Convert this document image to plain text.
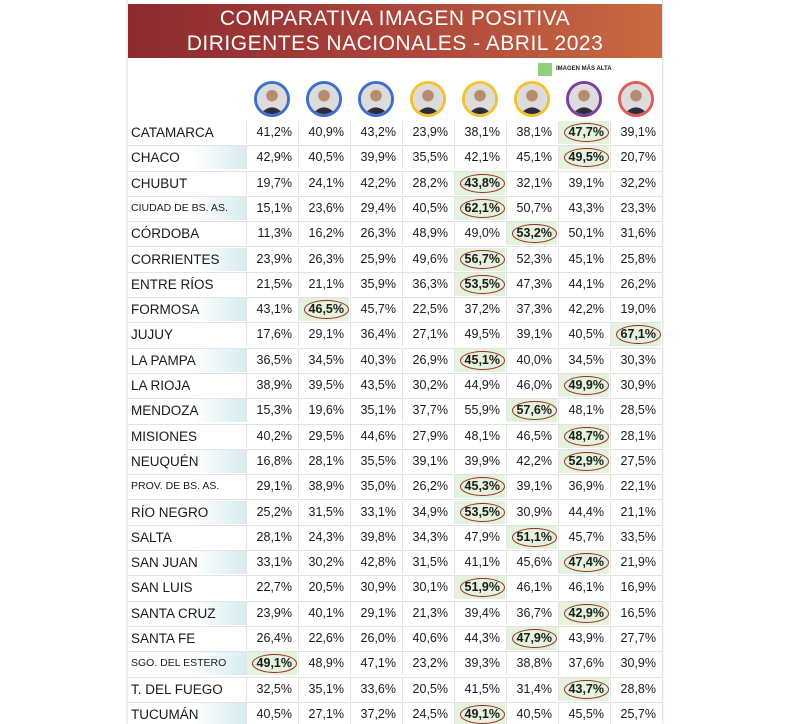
COMPARATIVA IMAGEN POSITIVA
DIRIGENTES NACIONALES - ABRIL 2023
IMAGEN MÁS ALTA
CATAMARCA	41,2%	40,9%	43,2%	23,9%	38,1%	38,1%	47,7%	39,1%
CHACO	42,9%	40,5%	39,9%	35,5%	42,1%	45,1%	49,5%	20,7%
CHUBUT	19,7%	24,1%	42,2%	28,2%	43,8%	32,1%	39,1%	32,2%
CIUDAD DE BS. AS.	15,1%	23,6%	29,4%	40,5%	62,1%	50,7%	43,3%	23,3%
CÓRDOBA	11,3%	16,2%	26,3%	48,9%	49,0%	53,2%	50,1%	31,6%
CORRIENTES	23,9%	26,3%	25,9%	49,6%	56,7%	52,3%	45,1%	25,8%
ENTRE RÍOS	21,5%	21,1%	35,9%	36,3%	53,5%	47,3%	44,1%	26,2%
FORMOSA	43,1%	46,5%	45,7%	22,5%	37,2%	37,3%	42,2%	19,0%
JUJUY	17,6%	29,1%	36,4%	27,1%	49,5%	39,1%	40,5%	67,1%
LA PAMPA	36,5%	34,5%	40,3%	26,9%	45,1%	40,0%	34,5%	30,3%
LA RIOJA	38,9%	39,5%	43,5%	30,2%	44,9%	46,0%	49,9%	30,9%
MENDOZA	15,3%	19,6%	35,1%	37,7%	55,9%	57,6%	48,1%	28,5%
MISIONES	40,2%	29,5%	44,6%	27,9%	48,1%	46,5%	48,7%	28,1%
NEUQUÉN	16,8%	28,1%	35,5%	39,1%	39,9%	42,2%	52,9%	27,5%
PROV. DE BS. AS.	29,1%	38,9%	35,0%	26,2%	45,3%	39,1%	36,9%	22,1%
RÍO NEGRO	25,2%	31,5%	33,1%	34,9%	53,5%	30,9%	44,4%	21,1%
SALTA	28,1%	24,3%	39,8%	34,3%	47,9%	51,1%	45,7%	33,5%
SAN JUAN	33,1%	30,2%	42,8%	31,5%	41,1%	45,6%	47,4%	21,9%
SAN LUIS	22,7%	20,5%	30,9%	30,1%	51,9%	46,1%	46,1%	16,9%
SANTA CRUZ	23,9%	40,1%	29,1%	21,3%	39,4%	36,7%	42,9%	16,5%
SANTA FE	26,4%	22,6%	26,0%	40,6%	44,3%	47,9%	43,9%	27,7%
SGO. DEL ESTERO	49,1%	48,9%	47,1%	23,2%	39,3%	38,8%	37,6%	30,9%
T. DEL FUEGO	32,5%	35,1%	33,6%	20,5%	41,5%	31,4%	43,7%	28,8%
TUCUMÁN	40,5%	27,1%	37,2%	24,5%	49,1%	40,5%	45,5%	25,7%
